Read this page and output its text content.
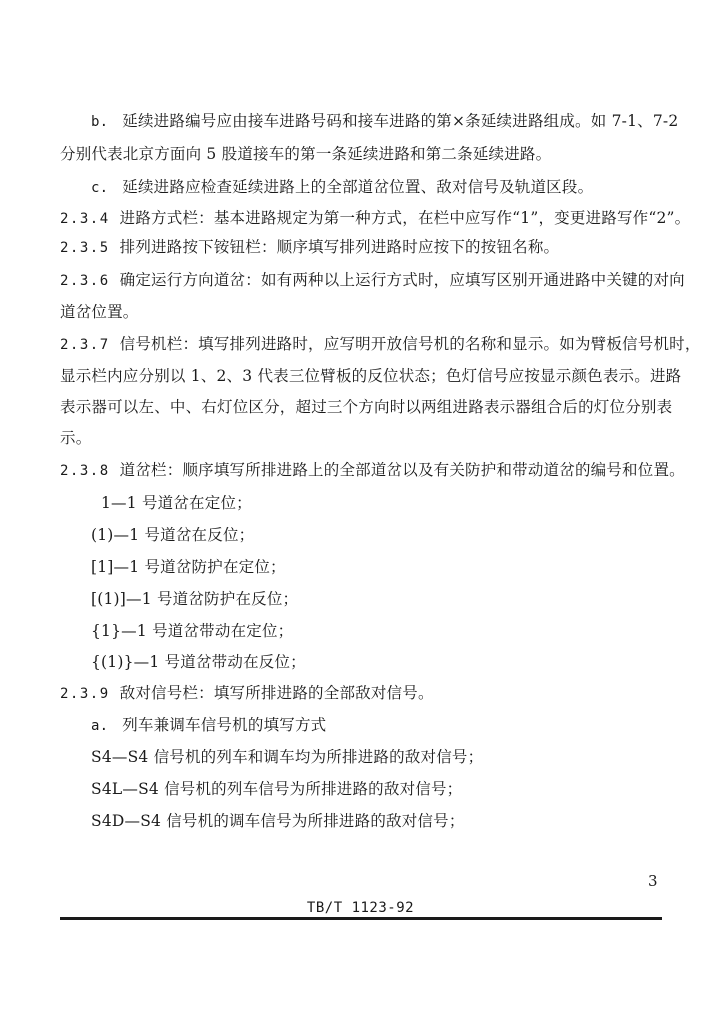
b. 延续进路编号应由接车进路号码和接车进路的第×条延续进路组成。如 7-1、7-2
分别代表北京方面向 5 股道接车的第一条延续进路和第二条延续进路。
c. 延续进路应检查延续进路上的全部道岔位置、敌对信号及轨道区段。
2.3.4 进路方式栏：基本进路规定为第一种方式，在栏中应写作“1”，变更进路写作“2”。
2.3.5 排列进路按下铵钮栏：顺序填写排列进路时应按下的按钮名称。
2.3.6 确定运行方向道岔：如有两种以上运行方式时，应填写区别开通进路中关键的对向
道岔位置。
2.3.7 信号机栏：填写排列进路时，应写明开放信号机的名称和显示。如为臂板信号机时，
显示栏内应分别以 1、2、3 代表三位臂板的反位状态；色灯信号应按显示颜色表示。进路
表示器可以左、中、右灯位区分，超过三个方向时以两组进路表示器组合后的灯位分别表
示。
2.3.8 道岔栏：顺序填写所排进路上的全部道岔以及有关防护和带动道岔的编号和位置。
1—1 号道岔在定位；
(1)—1 号道岔在反位；
[1]—1 号道岔防护在定位；
[(1)]—1 号道岔防护在反位；
{1}—1 号道岔带动在定位；
{(1)}—1 号道岔带动在反位；
2.3.9 敌对信号栏：填写所排进路的全部敌对信号。
a. 列车兼调车信号机的填写方式
S4—S4 信号机的列车和调车均为所排进路的敌对信号；
S4L—S4 信号机的列车信号为所排进路的敌对信号；
S4D—S4 信号机的调车信号为所排进路的敌对信号；
3
TB/T 1123-92
